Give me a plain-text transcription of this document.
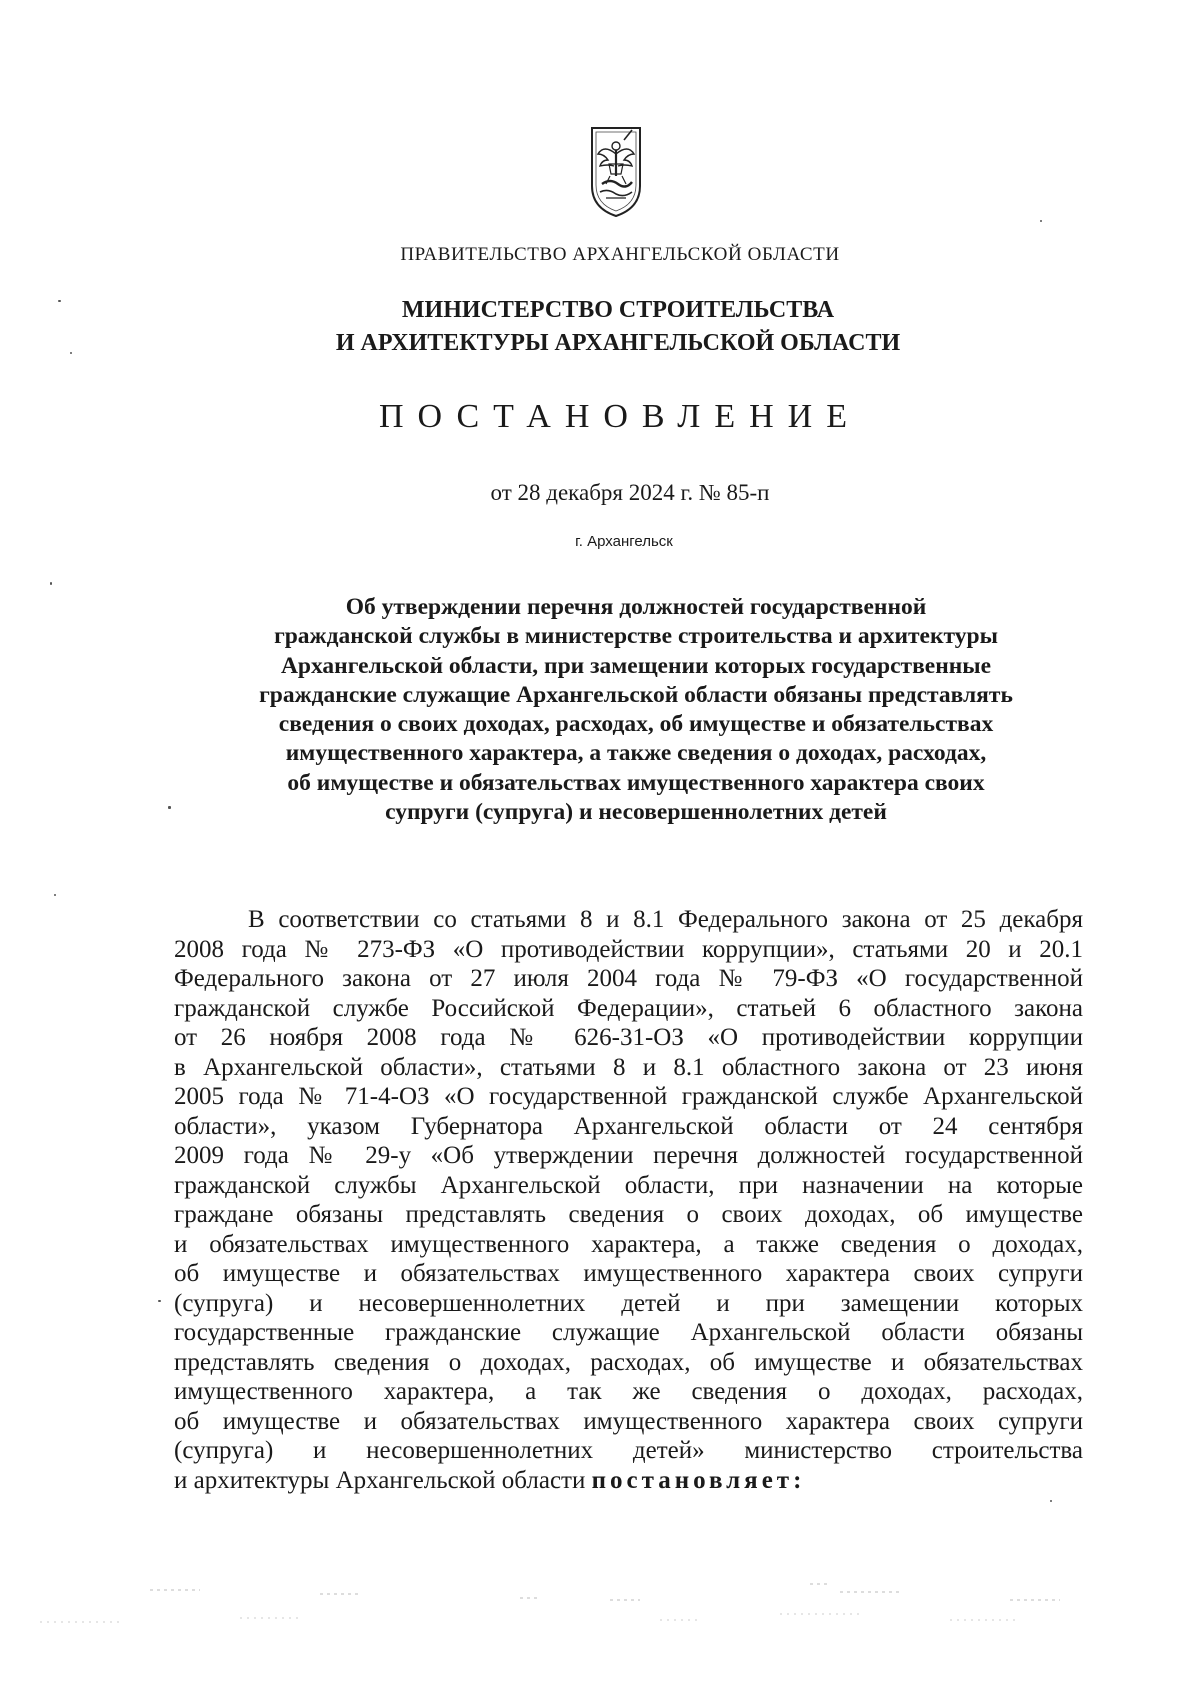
ПРАВИТЕЛЬСТВО АРХАНГЕЛЬСКОЙ ОБЛАСТИ
МИНИСТЕРСТВО СТРОИТЕЛЬСТВА
И АРХИТЕКТУРЫ АРХАНГЕЛЬСКОЙ ОБЛАСТИ
ПОСТАНОВЛЕНИЕ
от 28 декабря 2024 г. № 85-п
г. Архангельск
Об утверждении перечня должностей государственной
гражданской службы в министерстве строительства и архитектуры
Архангельской области, при замещении которых государственные
гражданские служащие Архангельской области обязаны представлять
сведения о своих доходах, расходах, об имуществе и обязательствах
имущественного характера, а также сведения о доходах, расходах,
об имуществе и обязательствах имущественного характера своих
супруги (супруга) и несовершеннолетних детей
В соответствии со статьями 8 и 8.1 Федерального закона от 25 декабря
2008 года № 273-ФЗ «О противодействии коррупции», статьями 20 и 20.1
Федерального закона от 27 июля 2004 года № 79-ФЗ «О государственной
гражданской службе Российской Федерации», статьей 6 областного закона
от 26 ноября 2008 года № 626-31-ОЗ «О противодействии коррупции
в Архангельской области», статьями 8 и 8.1 областного закона от 23 июня
2005 года № 71-4-ОЗ «О государственной гражданской службе Архангельской
области», указом Губернатора Архангельской области от 24 сентября
2009 года № 29-у «Об утверждении перечня должностей государственной
гражданской службы Архангельской области, при назначении на которые
граждане обязаны представлять сведения о своих доходах, об имуществе
и обязательствах имущественного характера, а также сведения о доходах,
об имуществе и обязательствах имущественного характера своих супруги
(супруга) и несовершеннолетних детей и при замещении которых
государственные гражданские служащие Архангельской области обязаны
представлять сведения о доходах, расходах, об имуществе и обязательствах
имущественного характера, а так же сведения о доходах, расходах,
об имуществе и обязательствах имущественного характера своих супруги
(супруга) и несовершеннолетних детей» министерство строительства
и архитектуры Архангельской области постановляет:
